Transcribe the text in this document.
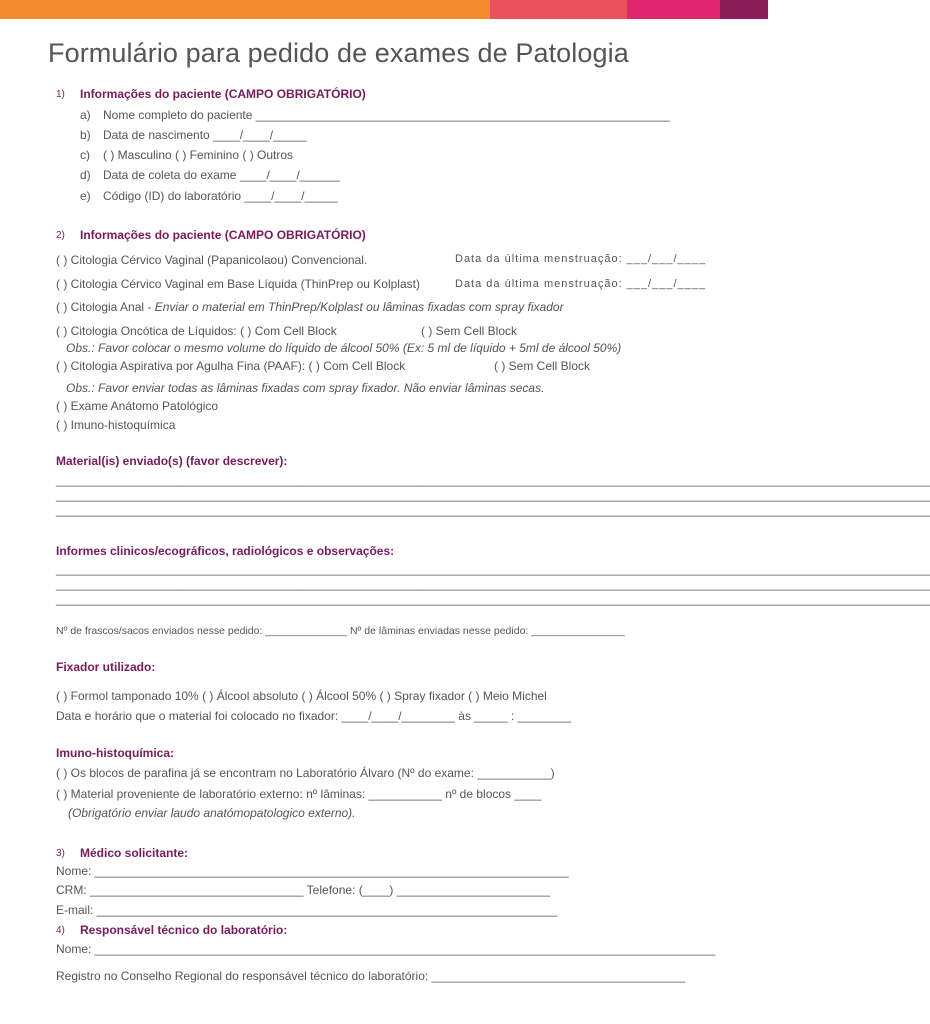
Formulário para pedido de exames de Patologia
1) Informações do paciente (CAMPO OBRIGATÓRIO)
a) Nome completo do paciente ______________________________________________________________
b) Data de nascimento ____/____/_____
c) ( ) Masculino ( ) Feminino ( ) Outros
d) Data de coleta do exame ____/____/______
e) Código (ID) do laboratório ____/____/_____
2) Informações do paciente (CAMPO OBRIGATÓRIO)
( ) Citologia Cérvico Vaginal (Papanicolaou) Convencional.	Data da última menstruação: ___/___/____
( ) Citologia Cérvico Vaginal em Base Líquida (ThinPrep ou Kolplast)	Data da última menstruação: ___/___/____
( ) Citologia Anal - Enviar o material em ThinPrep/Kolplast ou lâminas fixadas com spray fixador
( ) Citologia Oncótica de Líquidos: ( ) Com Cell Block	( ) Sem Cell Block
Obs.: Favor colocar o mesmo volume do líquido de álcool 50% (Ex: 5 ml de líquido + 5ml de álcool 50%)
( ) Citologia Aspirativa por Agulha Fina (PAAF): ( ) Com Cell Block	( ) Sem Cell Block
Obs.: Favor enviar todas as lâminas fixadas com spray fixador. Não enviar lâminas secas.
( ) Exame Anátomo Patológico
( ) Imuno-histoquímica
Material(is) enviado(s) (favor descrever):
___________________________________________________________________________________________________________________________________
___________________________________________________________________________________________________________________________________
___________________________________________________________________________________________________________________________________
Informes clinicos/ecográficos, radiológicos e observações:
___________________________________________________________________________________________________________________________________
___________________________________________________________________________________________________________________________________
___________________________________________________________________________________________________________________________________
Nº de frascos/sacos enviados nesse pedido: ______________ Nº de lâminas enviadas nesse pedido: ________________
Fixador utilizado:
( ) Formol tamponado 10% ( ) Álcool absoluto ( ) Álcool 50% ( ) Spray fixador ( ) Meio Michel
Data e horário que o material foi colocado no fixador: ____/____/________ às _____ : ________
Imuno-histoquímica:
( ) Os blocos de parafina já se encontram no Laboratório Álvaro (Nº do exame: ___________)
( ) Material proveniente de laboratório externo: nº lâminas: ___________ nº de blocos ____
(Obrigatório enviar laudo anatómopatologico externo).
3) Médico solicitante:
Nome: _______________________________________________________________________
CRM: ________________________________ Telefone: (____) _______________________
E-mail: _____________________________________________________________________
4) Responsável técnico do laboratório:
Nome: _____________________________________________________________________________________________
Registro no Conselho Regional do responsável técnico do laboratório: ______________________________________
